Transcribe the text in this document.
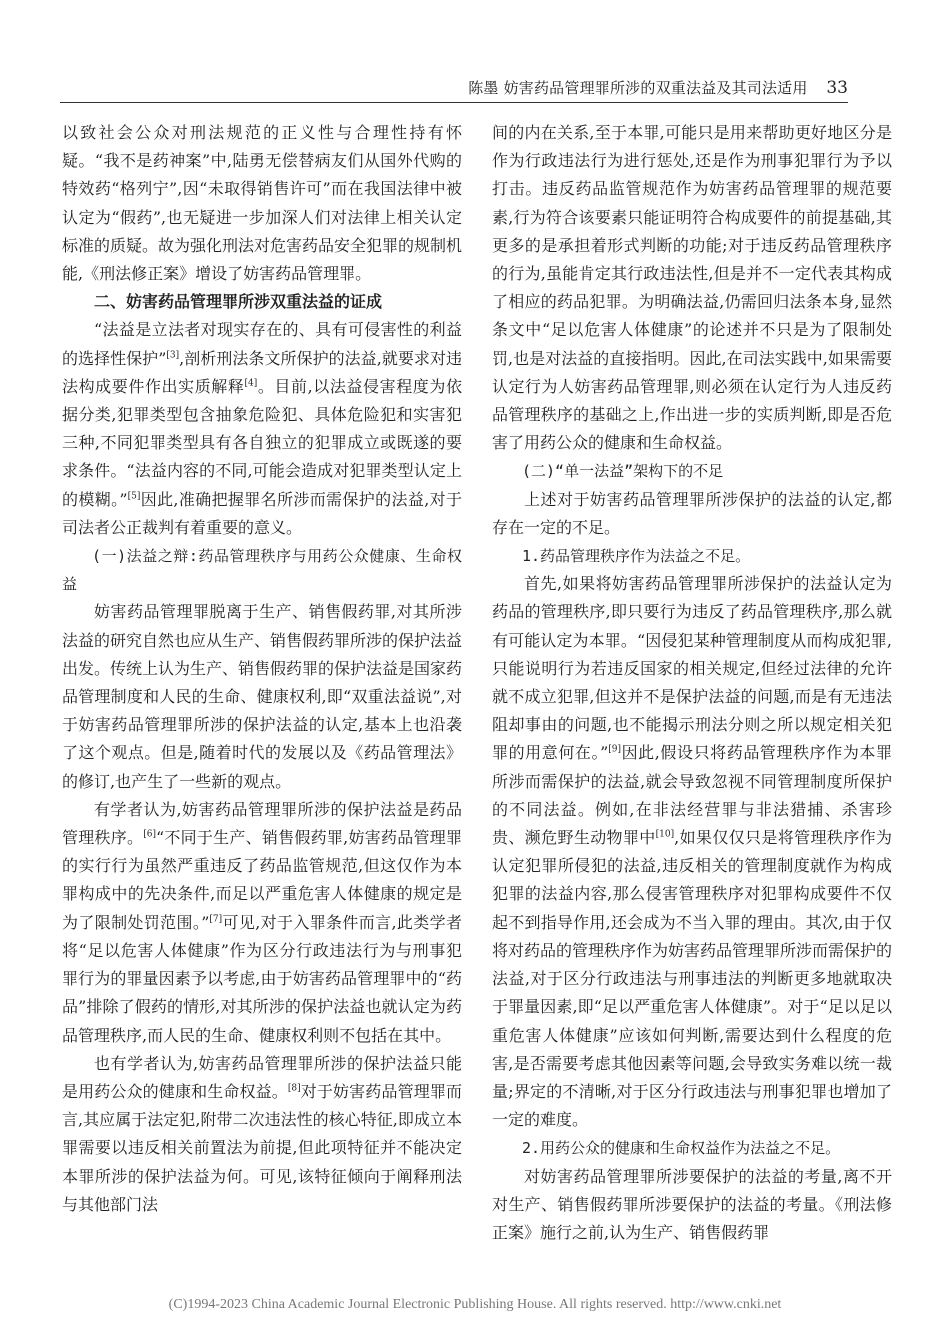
陈墨 妨害药品管理罪所涉的双重法益及其司法适用 33

以致社会公众对刑法规范的正义性与合理性持有怀疑。“我不是药神案”中,陆勇无偿替病友们从国外代购的特效药“格列宁”,因“未取得销售许可”而在我国法律中被认定为“假药”,也无疑进一步加深人们对法律上相关认定标准的质疑。故为强化刑法对危害药品安全犯罪的规制机能,《刑法修正案》增设了妨害药品管理罪。

二、妨害药品管理罪所涉双重法益的证成

“法益是立法者对现实存在的、具有可侵害性的利益的选择性保护”[3],剖析刑法条文所保护的法益,就要求对违法构成要件作出实质解释[4]。目前,以法益侵害程度为依据分类,犯罪类型包含抽象危险犯、具体危险犯和实害犯三种,不同犯罪类型具有各自独立的犯罪成立或既遂的要求条件。“法益内容的不同,可能会造成对犯罪类型认定上的模糊。”[5]因此,准确把握罪名所涉而需保护的法益,对于司法者公正裁判有着重要的意义。

(一)法益之辩:药品管理秩序与用药公众健康、生命权益

妨害药品管理罪脱离于生产、销售假药罪,对其所涉法益的研究自然也应从生产、销售假药罪所涉的保护法益出发。传统上认为生产、销售假药罪的保护法益是国家药品管理制度和人民的生命、健康权利,即“双重法益说”,对于妨害药品管理罪所涉的保护法益的认定,基本上也沿袭了这个观点。但是,随着时代的发展以及《药品管理法》的修订,也产生了一些新的观点。

有学者认为,妨害药品管理罪所涉的保护法益是药品管理秩序。[6]“不同于生产、销售假药罪,妨害药品管理罪的实行行为虽然严重违反了药品监管规范,但这仅作为本罪构成中的先决条件,而足以严重危害人体健康的规定是为了限制处罚范围。”[7]可见,对于入罪条件而言,此类学者将“足以危害人体健康”作为区分行政违法行为与刑事犯罪行为的罪量因素予以考虑,由于妨害药品管理罪中的“药品”排除了假药的情形,对其所涉的保护法益也就认定为药品管理秩序,而人民的生命、健康权利则不包括在其中。

也有学者认为,妨害药品管理罪所涉的保护法益只能是用药公众的健康和生命权益。[8]对于妨害药品管理罪而言,其应属于法定犯,附带二次违法性的核心特征,即成立本罪需要以违反相关前置法为前提,但此项特征并不能决定本罪所涉的保护法益为何。可见,该特征倾向于阐释刑法与其他部门法

间的内在关系,至于本罪,可能只是用来帮助更好地区分是作为行政违法行为进行惩处,还是作为刑事犯罪行为予以打击。违反药品监管规范作为妨害药品管理罪的规范要素,行为符合该要素只能证明符合构成要件的前提基础,其更多的是承担着形式判断的功能;对于违反药品管理秩序的行为,虽能肯定其行政违法性,但是并不一定代表其构成了相应的药品犯罪。为明确法益,仍需回归法条本身,显然条文中“足以危害人体健康”的论述并不只是为了限制处罚,也是对法益的直接指明。因此,在司法实践中,如果需要认定行为人妨害药品管理罪,则必须在认定行为人违反药品管理秩序的基础之上,作出进一步的实质判断,即是否危害了用药公众的健康和生命权益。

(二)“单一法益”架构下的不足

上述对于妨害药品管理罪所涉保护的法益的认定,都存在一定的不足。

1.药品管理秩序作为法益之不足。

首先,如果将妨害药品管理罪所涉保护的法益认定为药品的管理秩序,即只要行为违反了药品管理秩序,那么就有可能认定为本罪。“因侵犯某种管理制度从而构成犯罪,只能说明行为若违反国家的相关规定,但经过法律的允许就不成立犯罪,但这并不是保护法益的问题,而是有无违法阻却事由的问题,也不能揭示刑法分则之所以规定相关犯罪的用意何在。”[9]因此,假设只将药品管理秩序作为本罪所涉而需保护的法益,就会导致忽视不同管理制度所保护的不同法益。例如,在非法经营罪与非法猎捕、杀害珍贵、濒危野生动物罪中[10],如果仅仅只是将管理秩序作为认定犯罪所侵犯的法益,违反相关的管理制度就作为构成犯罪的法益内容,那么侵害管理秩序对犯罪构成要件不仅起不到指导作用,还会成为不当入罪的理由。其次,由于仅将对药品的管理秩序作为妨害药品管理罪所涉而需保护的法益,对于区分行政违法与刑事违法的判断更多地就取决于罪量因素,即“足以严重危害人体健康”。对于“足以足以重危害人体健康”应该如何判断,需要达到什么程度的危害,是否需要考虑其他因素等问题,会导致实务难以统一裁量;界定的不清晰,对于区分行政违法与刑事犯罪也增加了一定的难度。

2.用药公众的健康和生命权益作为法益之不足。

对妨害药品管理罪所涉要保护的法益的考量,离不开对生产、销售假药罪所涉要保护的法益的考量。《刑法修正案》施行之前,认为生产、销售假药罪

(C)1994-2023 China Academic Journal Electronic Publishing House. All rights reserved. http://www.cnki.net
